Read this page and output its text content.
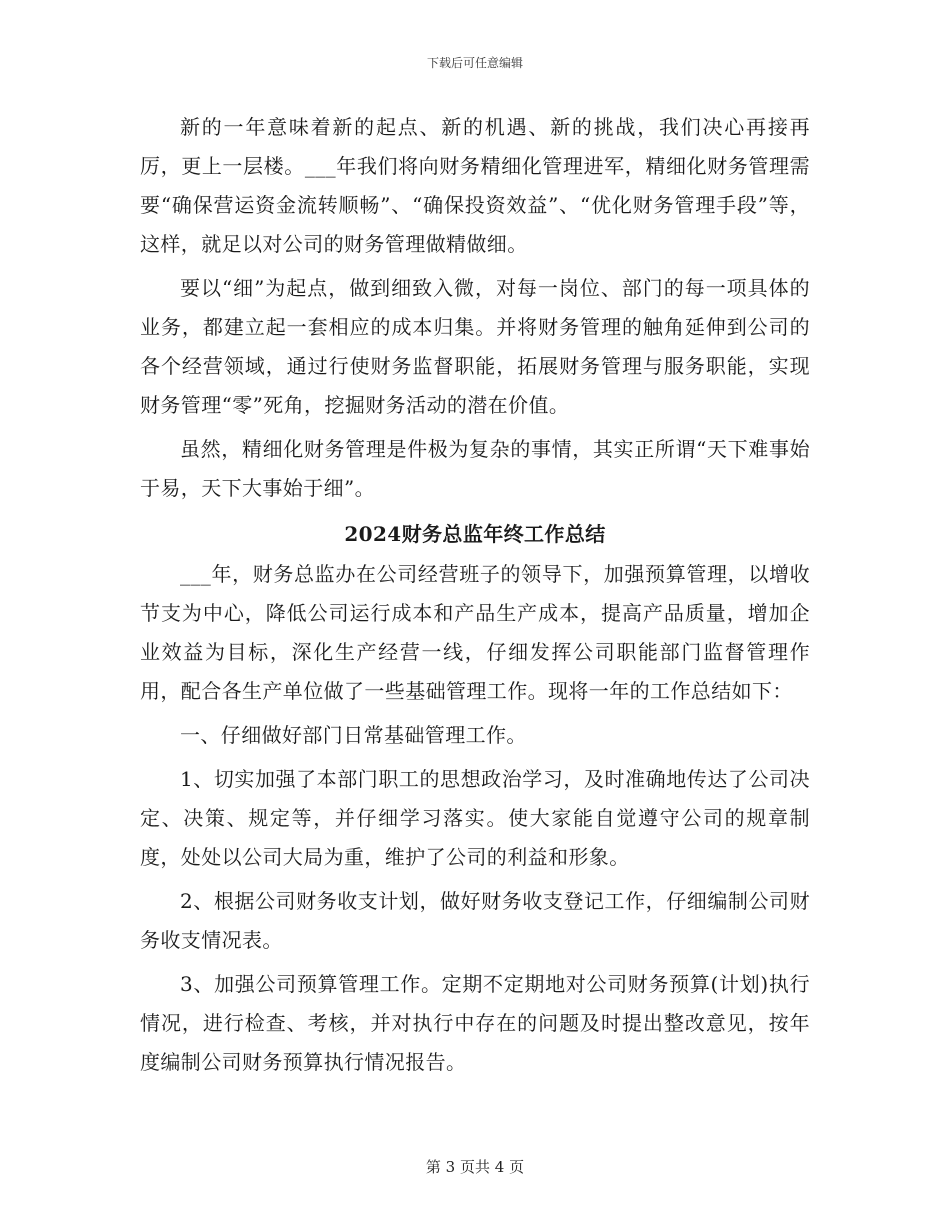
下载后可任意编辑

新的一年意味着新的起点、新的机遇、新的挑战，我们决心再接再厉，更上一层楼。___年我们将向财务精细化管理进军，精细化财务管理需要“确保营运资金流转顺畅”、“确保投资效益”、“优化财务管理手段”等，这样，就足以对公司的财务管理做精做细。

要以“细”为起点，做到细致入微，对每一岗位、部门的每一项具体的业务，都建立起一套相应的成本归集。并将财务管理的触角延伸到公司的各个经营领域，通过行使财务监督职能，拓展财务管理与服务职能，实现财务管理“零”死角，挖掘财务活动的潜在价值。

虽然，精细化财务管理是件极为复杂的事情，其实正所谓“天下难事始于易，天下大事始于细”。

2024财务总监年终工作总结

___年，财务总监办在公司经营班子的领导下，加强预算管理，以增收节支为中心，降低公司运行成本和产品生产成本，提高产品质量，增加企业效益为目标，深化生产经营一线，仔细发挥公司职能部门监督管理作用，配合各生产单位做了一些基础管理工作。现将一年的工作总结如下：

一、仔细做好部门日常基础管理工作。

1、切实加强了本部门职工的思想政治学习，及时准确地传达了公司决定、决策、规定等，并仔细学习落实。使大家能自觉遵守公司的规章制度，处处以公司大局为重，维护了公司的利益和形象。

2、根据公司财务收支计划，做好财务收支登记工作，仔细编制公司财务收支情况表。

3、加强公司预算管理工作。定期不定期地对公司财务预算(计划)执行情况，进行检查、考核，并对执行中存在的问题及时提出整改意见，按年度编制公司财务预算执行情况报告。

第 3 页共 4 页
